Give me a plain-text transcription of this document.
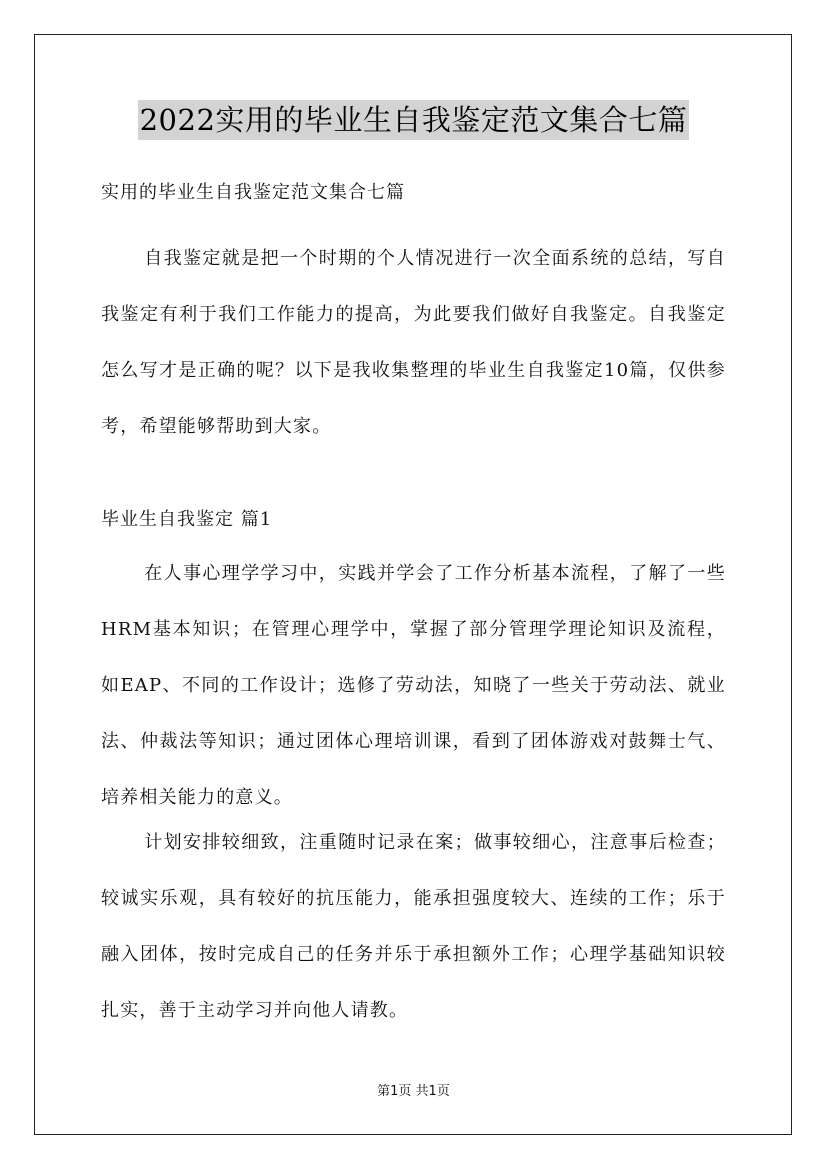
2022实用的毕业生自我鉴定范文集合七篇
实用的毕业生自我鉴定范文集合七篇

自我鉴定就是把一个时期的个人情况进行一次全面系统的总结，写自我鉴定有利于我们工作能力的提高，为此要我们做好自我鉴定。自我鉴定怎么写才是正确的呢？以下是我收集整理的毕业生自我鉴定10篇，仅供参考，希望能够帮助到大家。

毕业生自我鉴定 篇1

在人事心理学学习中，实践并学会了工作分析基本流程，了解了一些HRM基本知识；在管理心理学中，掌握了部分管理学理论知识及流程，如EAP、不同的工作设计；选修了劳动法，知晓了一些关于劳动法、就业法、仲裁法等知识；通过团体心理培训课，看到了团体游戏对鼓舞士气、培养相关能力的意义。

计划安排较细致，注重随时记录在案；做事较细心，注意事后检查；较诚实乐观，具有较好的抗压能力，能承担强度较大、连续的工作；乐于融入团体，按时完成自己的任务并乐于承担额外工作；心理学基础知识较扎实，善于主动学习并向他人请教。

第1页 共1页
